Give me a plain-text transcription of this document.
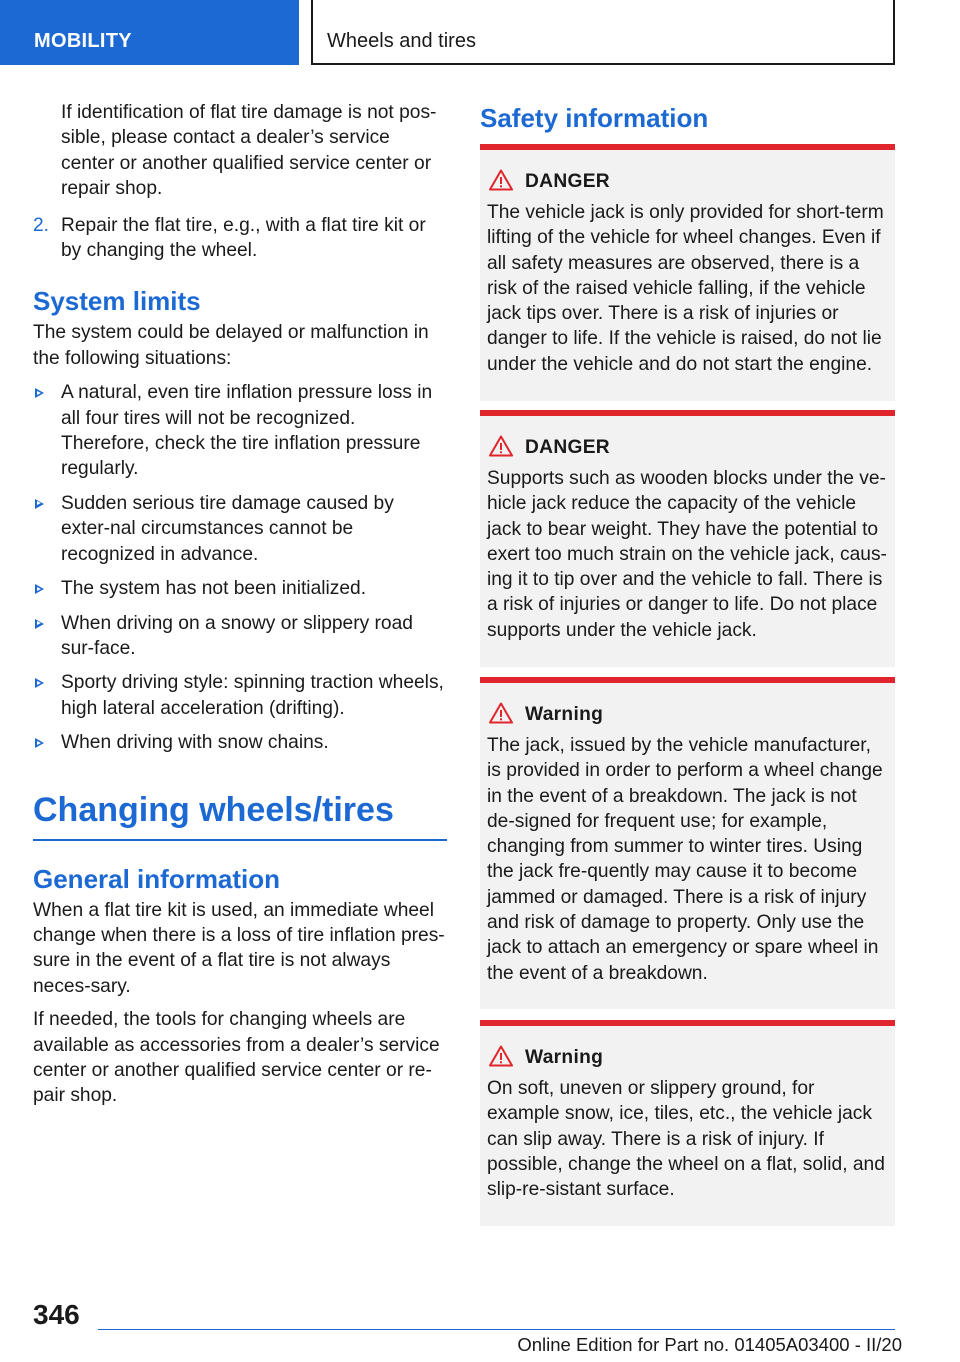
MOBILITY	Wheels and tires

If identification of flat tire damage is not pos‐sible, please contact a dealer’s service center or another qualified service center or repair shop.

2. Repair the flat tire, e.g., with a flat tire kit or by changing the wheel.
System limits

The system could be delayed or malfunction in the following situations:

A natural, even tire inflation pressure loss in all four tires will not be recognized. Therefore, check the tire inflation pressure regularly.
Sudden serious tire damage caused by exter‐nal circumstances cannot be recognized in advance.
The system has not been initialized.
When driving on a snowy or slippery road sur‐face.
Sporty driving style: spinning traction wheels, high lateral acceleration (drifting).
When driving with snow chains.
Changing wheels/tires
General information

When a flat tire kit is used, an immediate wheel change when there is a loss of tire inflation pres‐sure in the event of a flat tire is not always neces‐sary.

If needed, the tools for changing wheels are available as accessories from a dealer’s service center or another qualified service center or re‐pair shop.

Safety information
DANGER

The vehicle jack is only provided for short-term lifting of the vehicle for wheel changes. Even if all safety measures are observed, there is a risk of the raised vehicle falling, if the vehicle jack tips over. There is a risk of injuries or danger to life. If the vehicle is raised, do not lie under the vehicle and do not start the engine.

DANGER

Supports such as wooden blocks under the ve‐hicle jack reduce the capacity of the vehicle jack to bear weight. They have the potential to exert too much strain on the vehicle jack, caus‐ing it to tip over and the vehicle to fall. There is a risk of injuries or danger to life. Do not place supports under the vehicle jack.

Warning

The jack, issued by the vehicle manufacturer, is provided in order to perform a wheel change in the event of a breakdown. The jack is not de‐signed for frequent use; for example, changing from summer to winter tires. Using the jack fre‐quently may cause it to become jammed or damaged. There is a risk of injury and risk of damage to property. Only use the jack to attach an emergency or spare wheel in the event of a breakdown.

Warning

On soft, uneven or slippery ground, for example snow, ice, tiles, etc., the vehicle jack can slip away. There is a risk of injury. If possible, change the wheel on a flat, solid, and slip-re‐sistant surface.

346
Online Edition for Part no. 01405A03400 - II/20
